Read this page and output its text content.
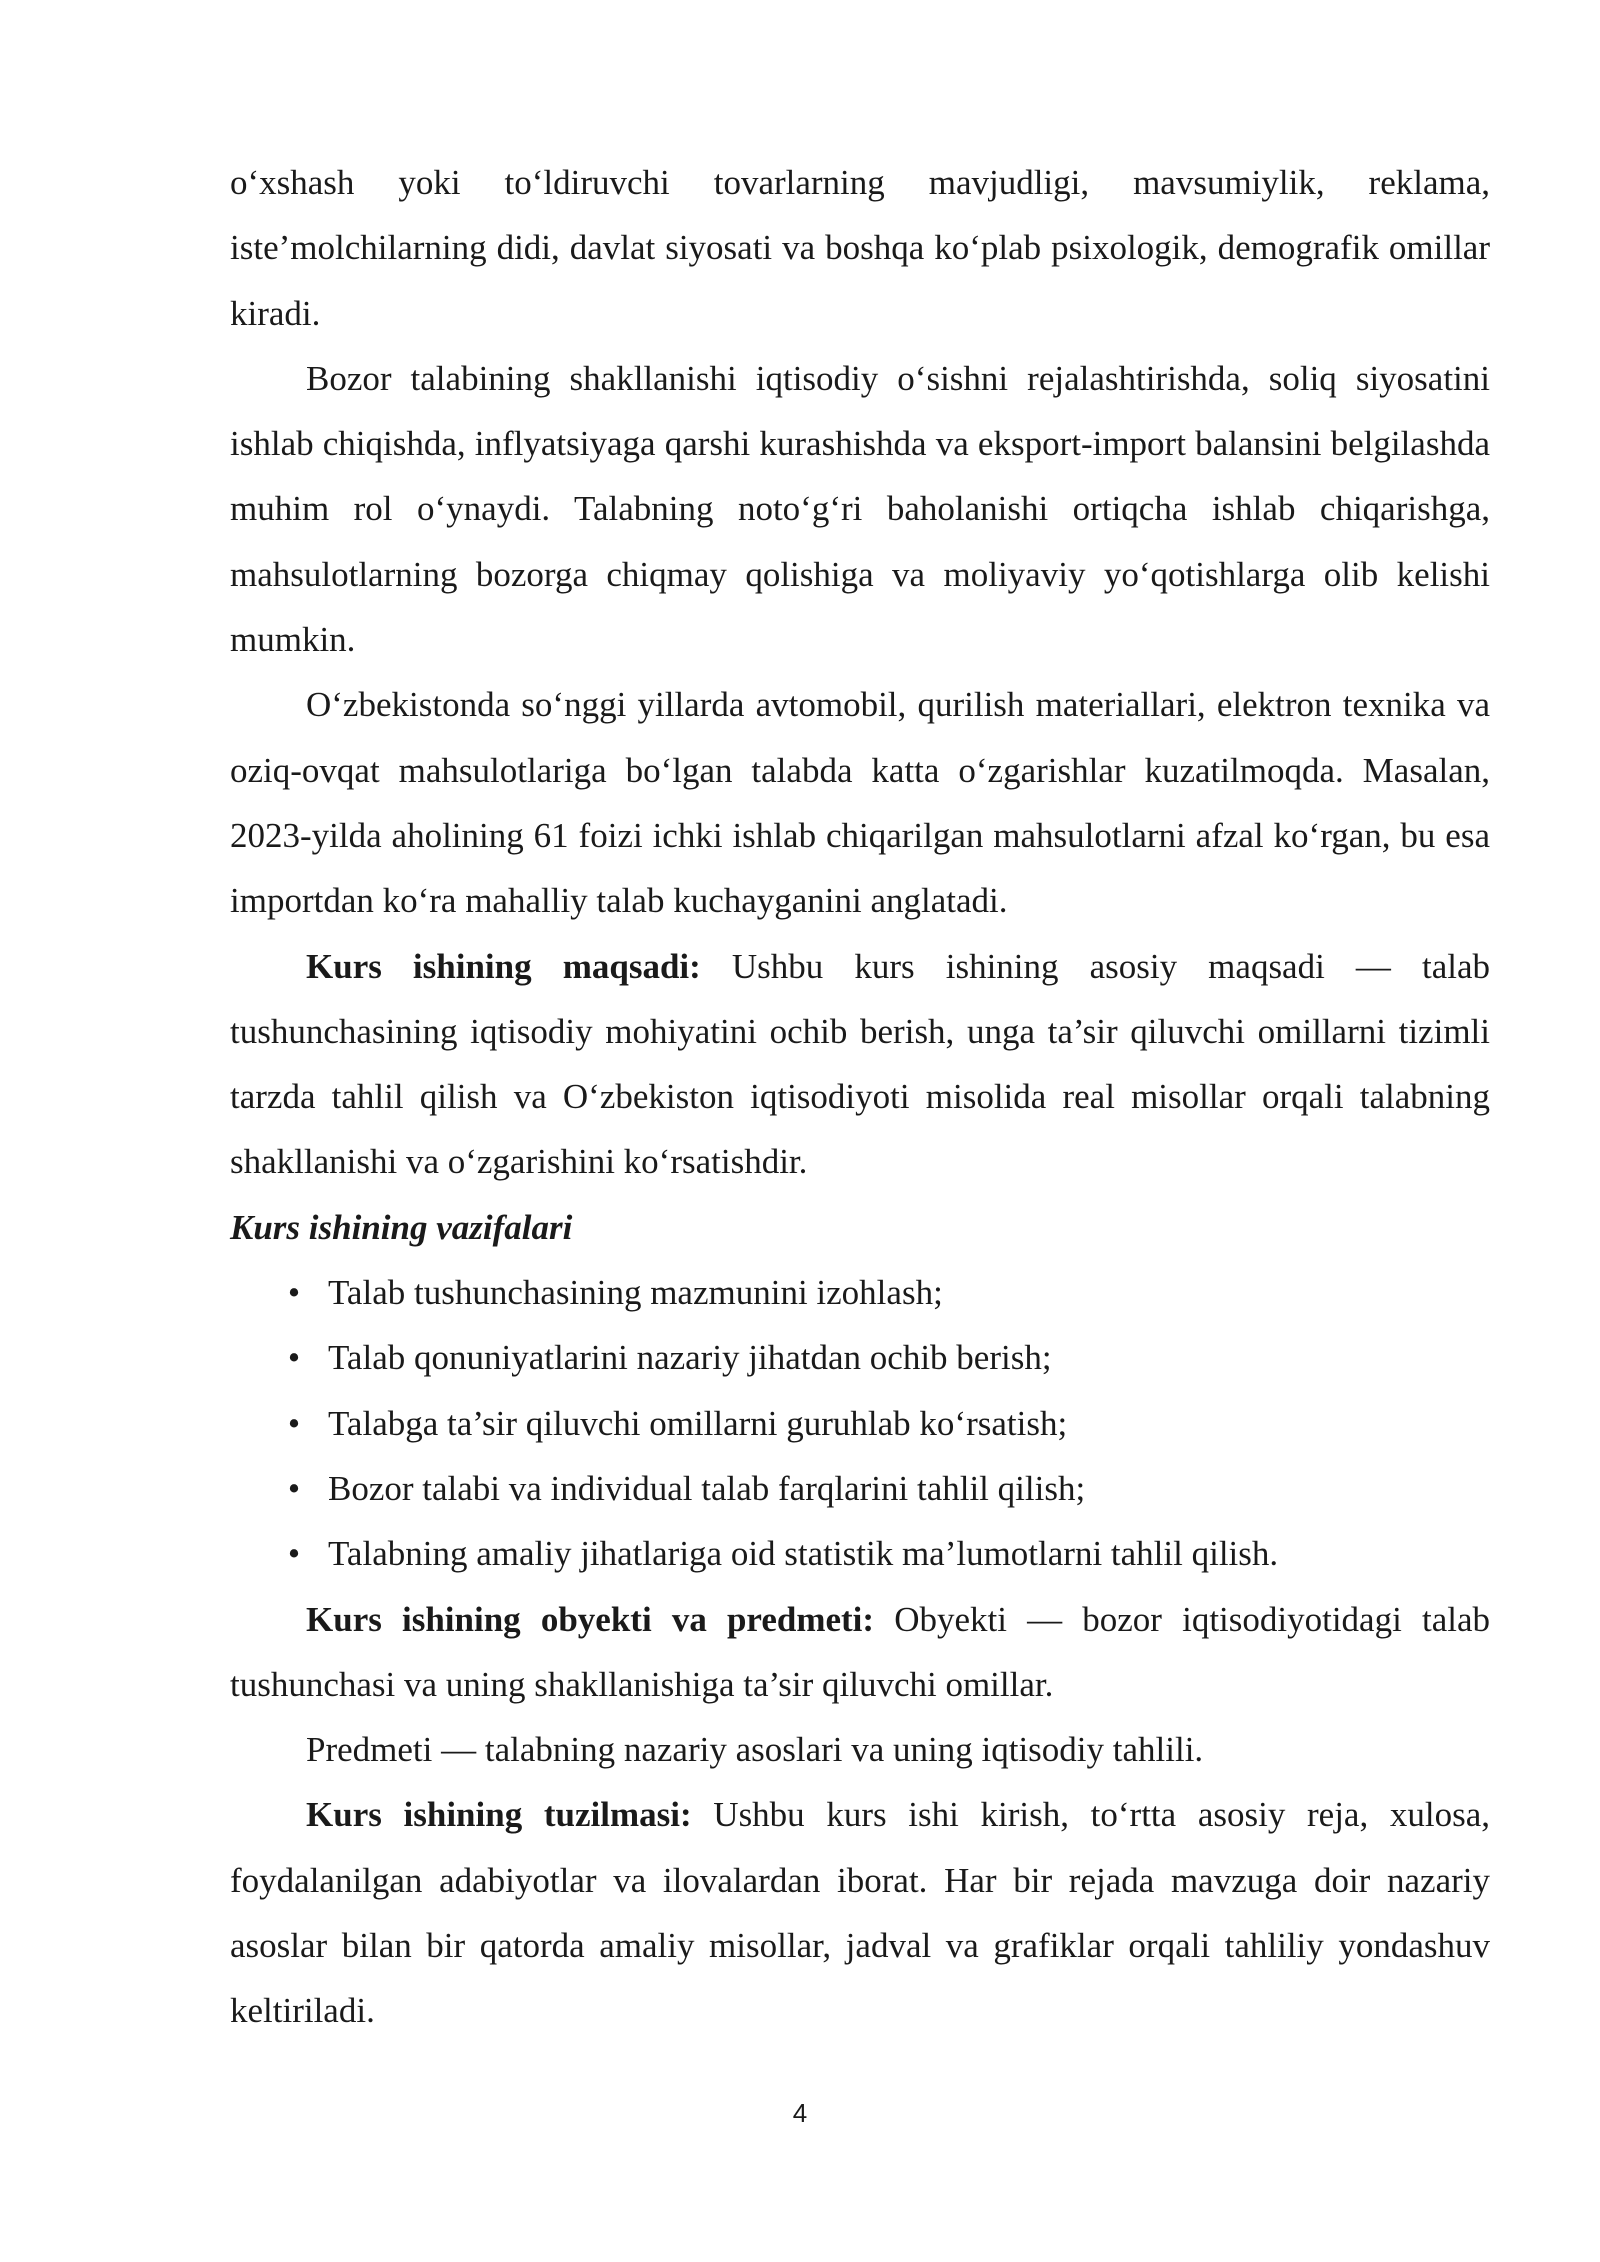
o‘xshash yoki to‘ldiruvchi tovarlarning mavjudligi, mavsumiylik, reklama, iste’molchilarning didi, davlat siyosati va boshqa ko‘plab psixologik, demografik omillar kiradi.

Bozor talabining shakllanishi iqtisodiy o‘sishni rejalashtirishda, soliq siyosatini ishlab chiqishda, inflyatsiyaga qarshi kurashishda va eksport-import balansini belgilashda muhim rol o‘ynaydi. Talabning noto‘g‘ri baholanishi ortiqcha ishlab chiqarishga, mahsulotlarning bozorga chiqmay qolishiga va moliyaviy yo‘qotishlarga olib kelishi mumkin.

O‘zbekistonda so‘nggi yillarda avtomobil, qurilish materiallari, elektron texnika va oziq-ovqat mahsulotlariga bo‘lgan talabda katta o‘zgarishlar kuzatilmoqda. Masalan, 2023-yilda aholining 61 foizi ichki ishlab chiqarilgan mahsulotlarni afzal ko‘rgan, bu esa importdan ko‘ra mahalliy talab kuchayganini anglatadi.

Kurs ishining maqsadi: Ushbu kurs ishining asosiy maqsadi — talab tushunchasining iqtisodiy mohiyatini ochib berish, unga ta’sir qiluvchi omillarni tizimli tarzda tahlil qilish va O‘zbekiston iqtisodiyoti misolida real misollar orqali talabning shakllanishi va o‘zgarishini ko‘rsatishdir.

Kurs ishining vazifalari

• Talab tushunchasining mazmunini izohlash;
• Talab qonuniyatlarini nazariy jihatdan ochib berish;
• Talabga ta’sir qiluvchi omillarni guruhlab ko‘rsatish;
• Bozor talabi va individual talab farqlarini tahlil qilish;
• Talabning amaliy jihatlariga oid statistik ma’lumotlarni tahlil qilish.

Kurs ishining obyekti va predmeti: Obyekti — bozor iqtisodiyotidagi talab tushunchasi va uning shakllanishiga ta’sir qiluvchi omillar.

Predmeti — talabning nazariy asoslari va uning iqtisodiy tahlili.

Kurs ishining tuzilmasi: Ushbu kurs ishi kirish, to‘rtta asosiy reja, xulosa, foydalanilgan adabiyotlar va ilovalardan iborat. Har bir rejada mavzuga doir nazariy asoslar bilan bir qatorda amaliy misollar, jadval va grafiklar orqali tahliliy yondashuv keltiriladi.

4
